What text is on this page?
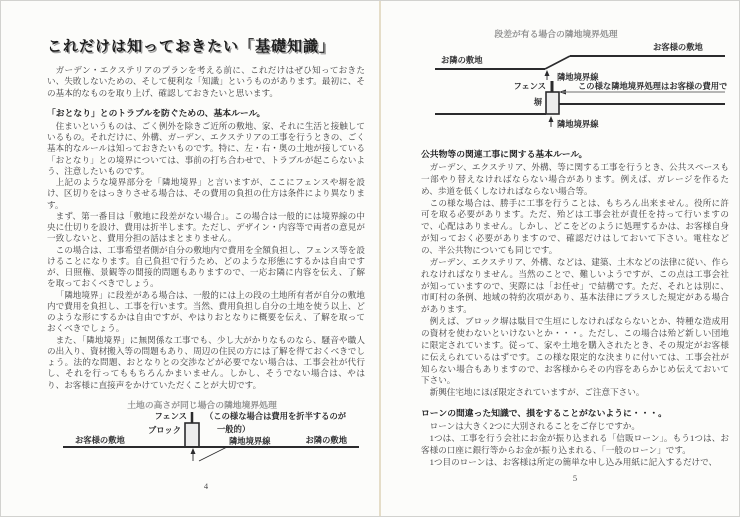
これだけは知っておきたい「基礎知識」

ガーデン・エクステリアのプランを考える前に、これだけはぜひ知っておきたい、失敗しないための、そして便利な「知識」というものがあります。最初に、その基本的なものを取り上げ、確認しておきたいと思います。

「おとなり」とのトラブルを防ぐための、基本ルール。

住まいというものは、ごく例外を除きご近所の敷地、家、それに生活と接触しているもの。それだけに、外構、ガーデン、エクステリアの工事を行うときの、ごく基本的なルールは知っておきたいものです。特に、左・右・奥の土地が接している「おとなり」との境界については、事前の打ち合わせで、トラブルが起こらないよう、注意したいものです。

上記のような境界部分を「隣地境界」と言いますが、ここにフェンスや塀を設け、区切りをはっきりさせる場合は、その費用の負担の仕方は条件により異なります。

まず、第一番目は「敷地に段差がない場合」。この場合は一般的には境界線の中央に仕切りを設け、費用は折半します。ただし、デザイン・内容等で両者の意見が一致しないと、費用分担の話はまとまりません。

この場合は、工事希望者側が自分の敷地内で費用を全額負担し、フェンス等を設けることになります。自己負担で行うため、どのような形態にするかは自由ですが、日照権、景観等の間接的問題もありますので、一応お隣に内容を伝え、了解を取っておくべきでしょう。

「隣地境界」に段差がある場合は、一般的には上の段の土地所有者が自分の敷地内で費用を負担し、工事を行います。当然、費用負担し自分の土地を使う以上、どのような形にするかは自由ですが、やはりおとなりに概要を伝え、了解を取っておくべきでしょう。

また、「隣地境界」に無関係な工事でも、少し大がかりなものなら、騒音や職人の出入り、資材搬入等の問題もあり、周辺の住民の方には了解を得ておくべきでしょう。法的な問題、おとなりとの交渉などが必要でない場合は、工事会社が代行し、それを行ってももちろんかまいません。しかし、そうでない場合は、やはり、お客様に直接声をかけていただくことが大切です。

土地の高さが同じ場合の隣地境界処理
フェンス
ブロック
（この様な場合は費用を折半するのが
一般的）
お客様の敷地	お隣の敷地
隣地境界線
4
段差が有る場合の隣地境界処理
お客様の敷地
お隣の敷地
隣地境界線
フェンス	この様な隣地境界処理はお客様の費用で
塀
隣地境界線
公共物等の関連工事に関する基本ルール。

ガーデン、エクステリア、外構、等に関する工事を行うとき、公共スペースも一部やり替えなければならない場合があります。例えば、ガレージを作るため、歩道を低くしなければならない場合等。

この様な場合は、勝手に工事を行うことは、もちろん出来ません。役所に許可を取る必要があります。ただ、殆どは工事会社が責任を持って行いますので、心配はありません。しかし、どこをどのように処理するかは、お客様自身が知っておく必要がありますので、確認だけはしておいて下さい。電柱などの、半公共物についても同じです。

ガーデン、エクステリア、外構、などは、建築、土木などの法律に従い、作られなければなりません。当然のことで、難しいようですが、この点は工事会社が知っていますので、実際には「お任せ」で結構です。ただ、それとは別に、市町村の条例、地域の特約次項があり、基本法律にプラスした規定がある場合があります。

例えば、ブロック塀は駄目で生垣にしなければならないとか、特種な造成用の資材を使わないといけないとか・・・。ただし、この場合は殆ど新しい団地に限定されています。従って、家や土地を購入されたとき、その規定がお客様に伝えられているはずです。この様な限定的な決まりに付いては、工事会社が知らない場合もありますので、お客様からその内容をあらかじめ伝えておいて下さい。

新興住宅地にほぼ限定されていますが、ご注意下さい。

ローンの間違った知識で、損をすることがないように・・・。

ローンは大きく2つに大別されることをご存じですか。

1つは、工事を行う会社にお金が振り込まれる「信販ローン」。もう1つは、お客様の口座に銀行等からお金が振り込まれる、「一般のローン」です。

1つ目のローンは、お客様は所定の簡単な申し込み用紙に記入するだけで、

5
